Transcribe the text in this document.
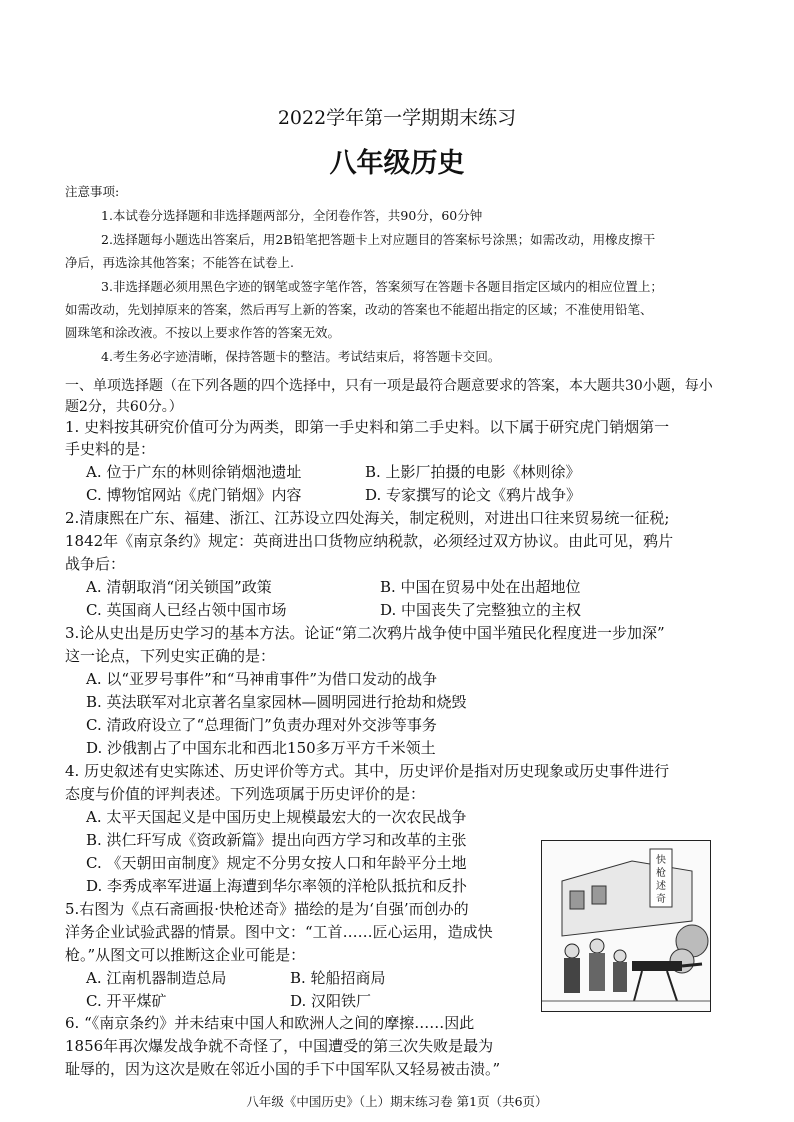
2022学年第一学期期末练习
八年级历史
注意事项:
1.本试卷分选择题和非选择题两部分，全闭卷作答，共90分，60分钟
2.选择题每小题选出答案后，用2B铅笔把答题卡上对应题目的答案标号涂黑；如需改动，用橡皮擦干
净后，再选涂其他答案；不能答在试卷上.
3.非选择题必须用黑色字迹的钢笔或签字笔作答，答案须写在答题卡各题目指定区域内的相应位置上；
如需改动，先划掉原来的答案，然后再写上新的答案，改动的答案也不能超出指定的区域；不准使用铅笔、
圆珠笔和涂改液。不按以上要求作答的答案无效。
4.考生务必字迹清晰，保持答题卡的整洁。考试结束后，将答题卡交回。
一、单项选择题（在下列各题的四个选择中，只有一项是最符合题意要求的答案，本大题共30小题，每小
题2分，共60分。）
1. 史料按其研究价值可分为两类，即第一手史料和第二手史料。以下属于研究虎门销烟第一
手史料的是：
A. 位于广东的林则徐销烟池遗址	B. 上影厂拍摄的电影《林则徐》
C. 博物馆网站《虎门销烟》内容	D. 专家撰写的论文《鸦片战争》
2.清康熙在广东、福建、浙江、江苏设立四处海关，制定税则，对进出口往来贸易统一征税;
1842年《南京条约》规定：英商进出口货物应纳税款，必须经过双方协议。由此可见，鸦片
战争后：
A. 清朝取消“闭关锁国”政策	B. 中国在贸易中处在出超地位
C. 英国商人已经占领中国市场	D. 中国丧失了完整独立的主权
3.论从史出是历史学习的基本方法。论证“第二次鸦片战争使中国半殖民化程度进一步加深”
这一论点，下列史实正确的是：
A. 以“亚罗号事件”和“马神甫事件”为借口发动的战争
B. 英法联军对北京著名皇家园林—圆明园进行抢劫和烧毁
C. 清政府设立了“总理衙门”负责办理对外交涉等事务
D. 沙俄割占了中国东北和西北150多万平方千米领土
4. 历史叙述有史实陈述、历史评价等方式。其中，历史评价是指对历史现象或历史事件进行
态度与价值的评判表述。下列选项属于历史评价的是：
A. 太平天国起义是中国历史上规模最宏大的一次农民战争
B. 洪仁玕写成《资政新篇》提出向西方学习和改革的主张
C. 《天朝田亩制度》规定不分男女按人口和年龄平分土地
D. 李秀成率军进逼上海遭到华尔率领的洋枪队抵抗和反扑
5.右图为《点石斋画报·快枪述奇》描绘的是为‘自强’而创办的
洋务企业试验武器的情景。图中文：“工首……匠心运用，造成快
枪。”从图文可以推断这企业可能是：
A. 江南机器制造总局	B. 轮船招商局
C. 开平煤矿	D. 汉阳铁厂
快
枪
述
奇
6. “《南京条约》并未结束中国人和欧洲人之间的摩擦……因此
1856年再次爆发战争就不奇怪了，中国遭受的第三次失败是最为
耻辱的，因为这次是败在邻近小国的手下中国军队又轻易被击溃。”
八年级《中国历史》（上）期末练习卷 第1页（共6页）
